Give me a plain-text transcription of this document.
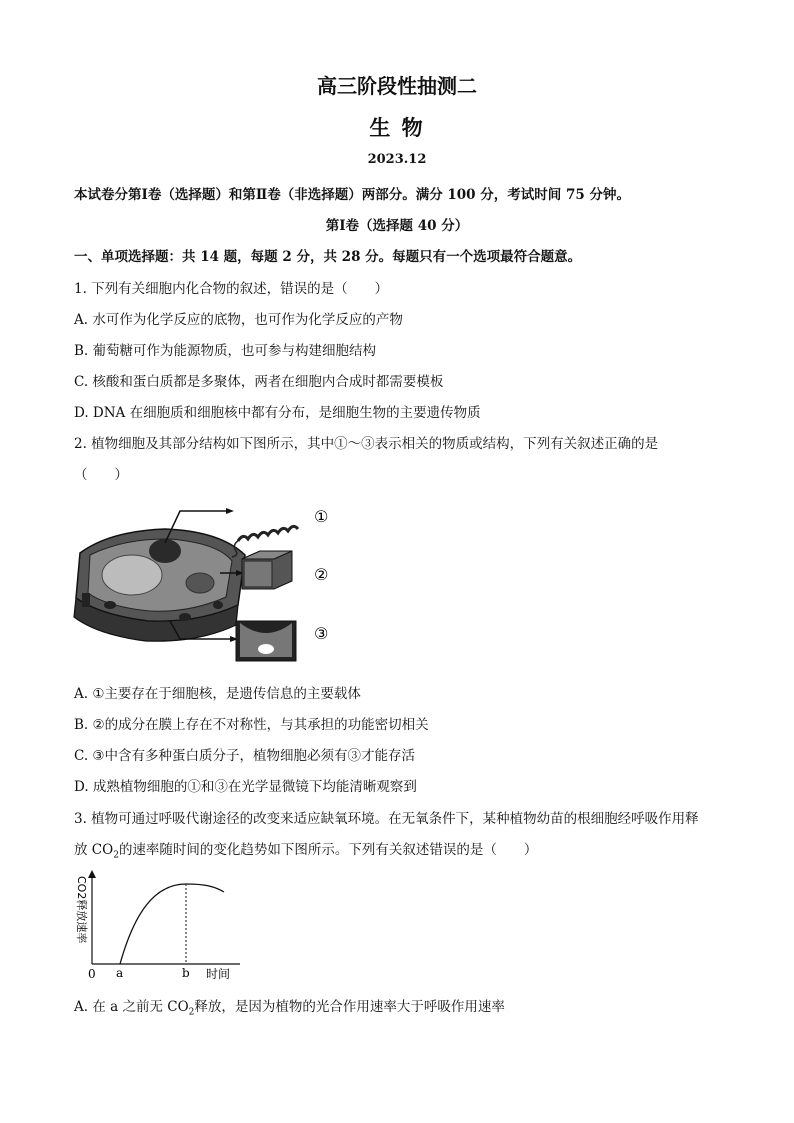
高三阶段性抽测二
生 物
2023.12
本试卷分第Ⅰ卷（选择题）和第Ⅱ卷（非选择题）两部分。满分 100 分，考试时间 75 分钟。
第Ⅰ卷（选择题 40 分）
一、单项选择题：共 14 题，每题 2 分，共 28 分。每题只有一个选项最符合题意。
1. 下列有关细胞内化合物的叙述，错误的是（　　）
A. 水可作为化学反应的底物，也可作为化学反应的产物
B. 葡萄糖可作为能源物质，也可参与构建细胞结构
C. 核酸和蛋白质都是多聚体，两者在细胞内合成时都需要模板
D. DNA 在细胞质和细胞核中都有分布，是细胞生物的主要遗传物质
2. 植物细胞及其部分结构如下图所示，其中①～③表示相关的物质或结构，下列有关叙述正确的是
（　　）
①
②
③
A. ①主要存在于细胞核，是遗传信息的主要载体
B. ②的成分在膜上存在不对称性，与其承担的功能密切相关
C. ③中含有多种蛋白质分子，植物细胞必须有③才能存活
D. 成熟植物细胞的①和③在光学显微镜下均能清晰观察到
3. 植物可通过呼吸代谢途径的改变来适应缺氧环境。在无氧条件下，某种植物幼苗的根细胞经呼吸作用释
放 $CO_2$的速率随时间的变化趋势如下图所示。下列有关叙述错误的是（　　）
0 a	b 时间
CO2释放速率
A. 在 a 之前无 $CO_2$释放，是因为植物的光合作用速率大于呼吸作用速率
